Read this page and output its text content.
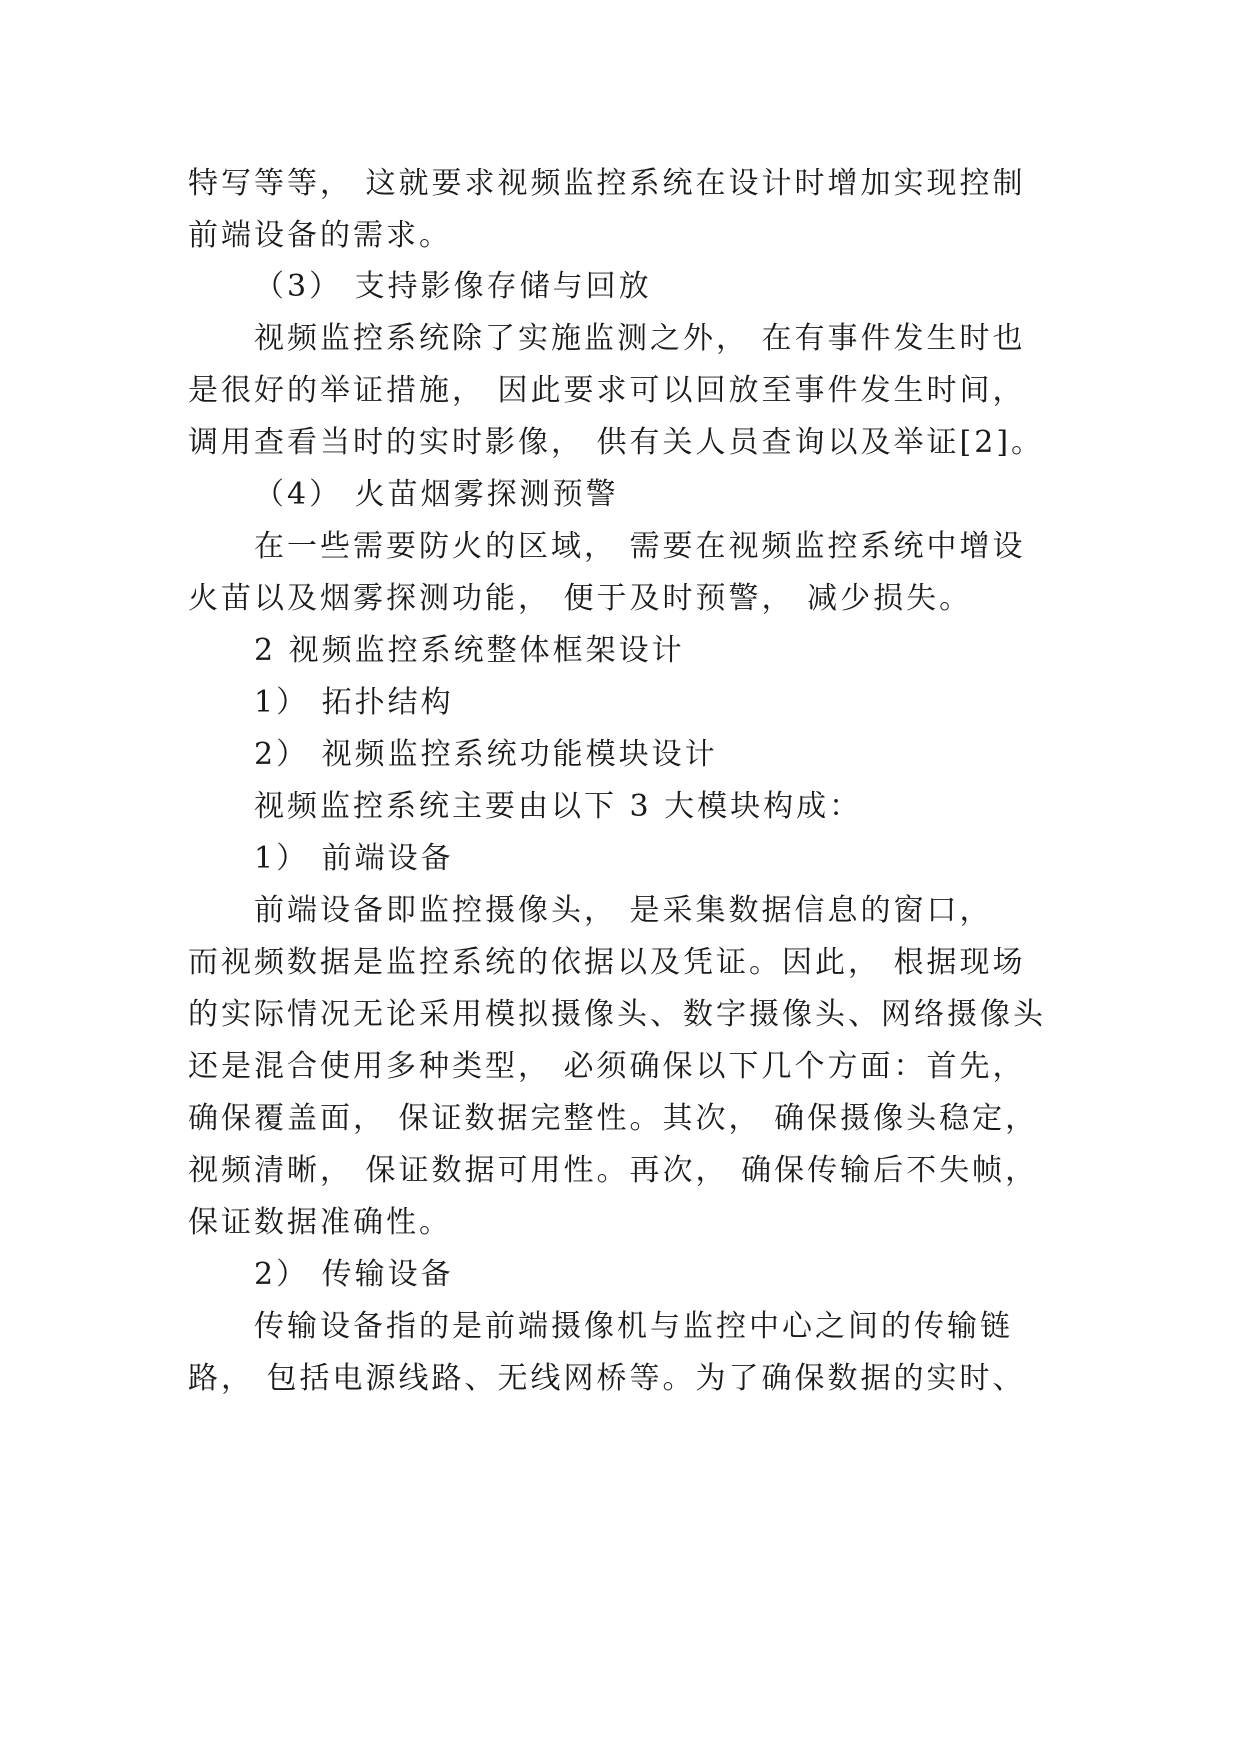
特写等等， 这就要求视频监控系统在设计时增加实现控制
前端设备的需求。
（3） 支持影像存储与回放
视频监控系统除了实施监测之外， 在有事件发生时也
是很好的举证措施， 因此要求可以回放至事件发生时间，
调用查看当时的实时影像， 供有关人员查询以及举证[2]。
（4） 火苗烟雾探测预警
在一些需要防火的区域， 需要在视频监控系统中增设
火苗以及烟雾探测功能， 便于及时预警， 减少损失。
2 视频监控系统整体框架设计
1） 拓扑结构
2） 视频监控系统功能模块设计
视频监控系统主要由以下 3 大模块构成：
1） 前端设备
前端设备即监控摄像头， 是采集数据信息的窗口，
而视频数据是监控系统的依据以及凭证。因此， 根据现场
的实际情况无论采用模拟摄像头、数字摄像头、网络摄像头
还是混合使用多种类型， 必须确保以下几个方面：首先，
确保覆盖面， 保证数据完整性。其次， 确保摄像头稳定，
视频清晰， 保证数据可用性。再次， 确保传输后不失帧，
保证数据准确性。
2） 传输设备
传输设备指的是前端摄像机与监控中心之间的传输链
路， 包括电源线路、无线网桥等。为了确保数据的实时、
